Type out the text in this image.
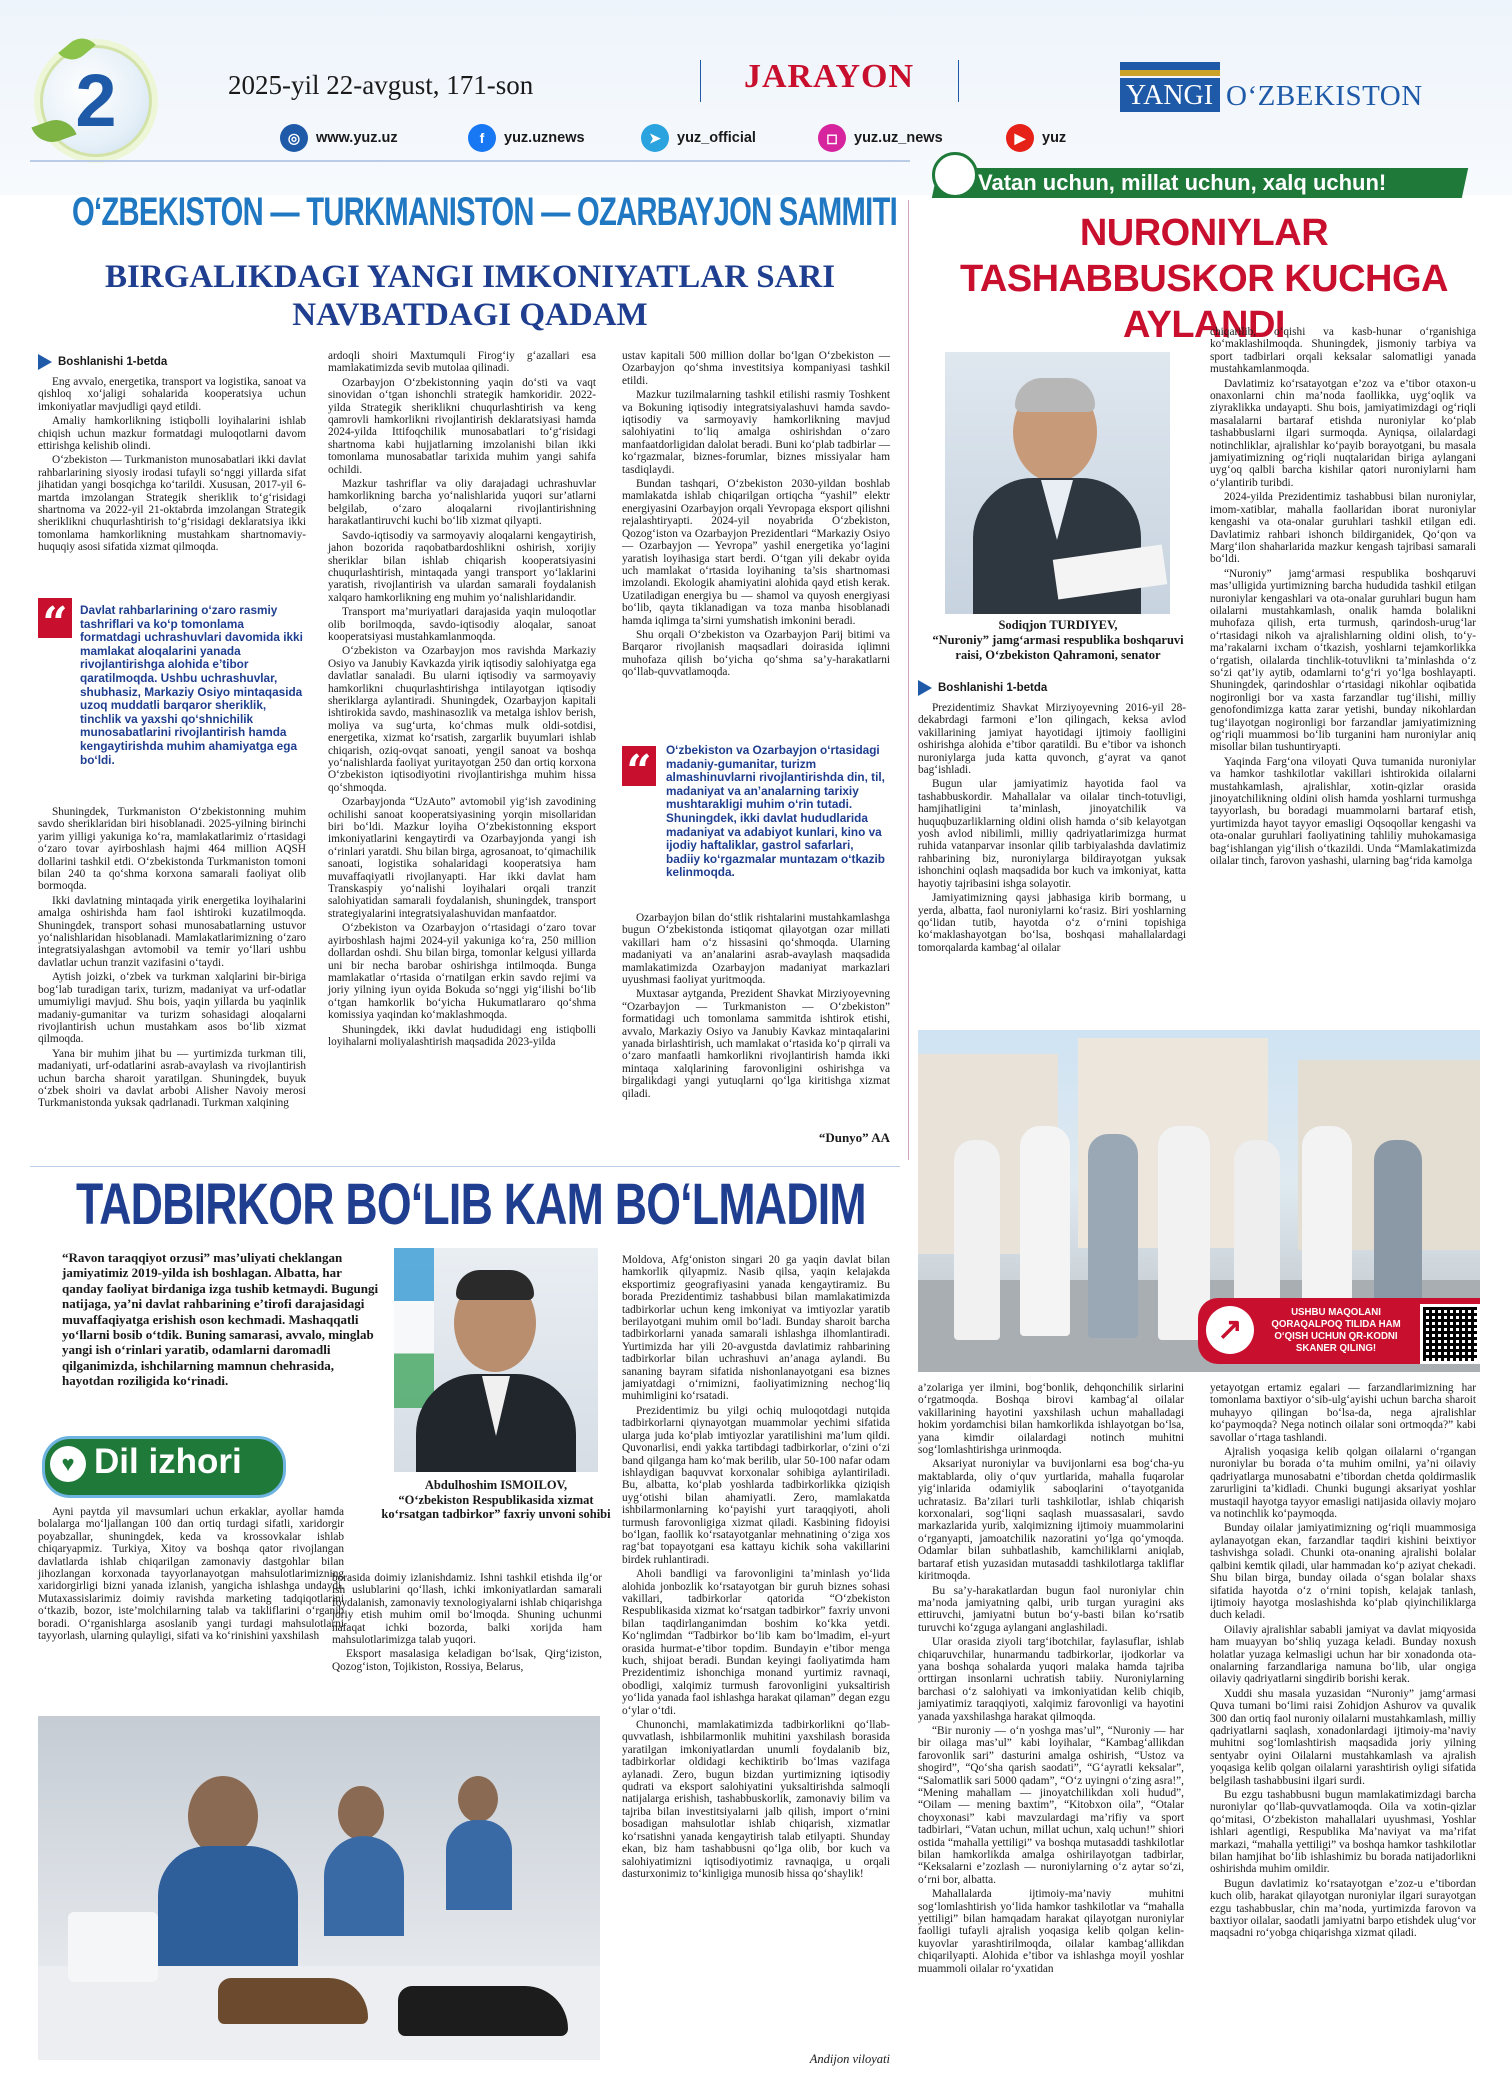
2	2025-yil 22-avgust, 171-son	JARAYON
YANGI O‘ZBEKISTON
◎	www.yuz.uz	f	yuz.uznews	➤	yuz_official	◻	yuz.uz_news	▶	yuz
Vatan uchun, millat uchun, xalq uchun!
O‘ZBEKISTON — TURKMANISTON — OZARBAYJON SAMMITI
BIRGALIKDAGI YANGI IMKONIYATLAR SARI NAVBATDAGI QADAM
Boshlanishi 1-betda

Eng avvalo, energetika, transport va logistika, sanoat va qishloq xo‘jaligi sohalarida kooperatsiya uchun imkoniyatlar mavjudligi qayd etildi.

Amaliy hamkorlikning istiqbolli loyihalarini ishlab chiqish uchun mazkur formatdagi muloqotlarni davom ettirishga kelishib olindi.

O‘zbekiston — Turkmaniston munosabatlari ikki davlat rahbarlarining siyosiy irodasi tufayli so‘nggi yillarda sifat jihatidan yangi bosqichga ko‘tarildi. Xususan, 2017-yil 6-martda imzolangan Strategik sheriklik to‘g‘risidagi shartnoma va 2022-yil 21-oktabrda imzolangan Strategik sheriklikni chuqurlashtirish to‘g‘risidagi deklaratsiya ikki tomonlama hamkorlikning mustahkam shartnomaviy-huquqiy asosi sifatida xizmat qilmoqda.

“	Davlat rahbarlarining o‘zaro rasmiy tashriflari va ko‘p tomonlama formatdagi uchrashuvlari davomida ikki mamlakat aloqalarini yanada rivojlantirishga alohida e’tibor qaratilmoqda. Ushbu uchrashuvlar, shubhasiz, Markaziy Osiyo mintaqasida uzoq muddatli barqaror sheriklik, tinchlik va yaxshi qo‘shnichilik munosabatlarini rivojlantirish hamda kengaytirishda muhim ahamiyatga ega bo‘ldi.

Shuningdek, Turkmaniston O‘zbekistonning muhim savdo sheriklaridan biri hisoblanadi. 2025-yilning birinchi yarim yilligi yakuniga ko‘ra, mamlakatlarimiz o‘rtasidagi o‘zaro tovar ayirboshlash hajmi 464 million AQSH dollarini tashkil etdi. O‘zbekistonda Turkmaniston tomoni bilan 240 ta qo‘shma korxona samarali faoliyat olib bormoqda.

Ikki davlatning mintaqada yirik energetika loyihalarini amalga oshirishda ham faol ishtiroki kuzatilmoqda. Shuningdek, transport sohasi munosabatlarning ustuvor yo‘nalishlaridan hisoblanadi. Mamlakatlarimizning o‘zaro integratsiyalashgan avtomobil va temir yo‘llari ushbu davlatlar uchun tranzit vazifasini o‘taydi.

Aytish joizki, o‘zbek va turkman xalqlarini bir-biriga bog‘lab turadigan tarix, turizm, madaniyat va urf-odatlar umumiyligi mavjud. Shu bois, yaqin yillarda bu yaqinlik madaniy-gumanitar va turizm sohasidagi aloqalarni rivojlantirish uchun mustahkam asos bo‘lib xizmat qilmoqda.

Yana bir muhim jihat bu — yurtimizda turkman tili, madaniyati, urf-odatlarini asrab-avaylash va rivojlantirish uchun barcha sharoit yaratilgan. Shuningdek, buyuk o‘zbek shoiri va davlat arbobi Alisher Navoiy merosi Turkmanistonda yuksak qadrlanadi. Turkman xalqining

ardoqli shoiri Maxtumquli Firog‘iy g‘azallari esa mamlakatimizda sevib mutolaa qilinadi.

Ozarbayjon O‘zbekistonning yaqin do‘sti va vaqt sinovidan o‘tgan ishonchli strategik hamkoridir. 2022-yilda Strategik sheriklikni chuqurlashtirish va keng qamrovli hamkorlikni rivojlantirish deklaratsiyasi hamda 2024-yilda Ittifoqchilik munosabatlari to‘g‘risidagi shartnoma kabi hujjatlarning imzolanishi bilan ikki tomonlama munosabatlar tarixida muhim yangi sahifa ochildi.

Mazkur tashriflar va oliy darajadagi uchrashuvlar hamkorlikning barcha yo‘nalishlarida yuqori sur’atlarni belgilab, o‘zaro aloqalarni rivojlantirishning harakatlantiruvchi kuchi bo‘lib xizmat qilyapti.

Savdo-iqtisodiy va sarmoyaviy aloqalarni kengaytirish, jahon bozorida raqobatbardoshlikni oshirish, xorijiy sheriklar bilan ishlab chiqarish kooperatsiyasini chuqurlashtirish, mintaqada yangi transport yo‘laklarini yaratish, rivojlantirish va ulardan samarali foydalanish xalqaro hamkorlikning eng muhim yo‘nalishlaridandir.

Transport ma’muriyatlari darajasida yaqin muloqotlar olib borilmoqda, savdo-iqtisodiy aloqalar, sanoat kooperatsiyasi mustahkamlanmoqda.

O‘zbekiston va Ozarbayjon mos ravishda Markaziy Osiyo va Janubiy Kavkazda yirik iqtisodiy salohiyatga ega davlatlar sanaladi. Bu ularni iqtisodiy va sarmoyaviy hamkorlikni chuqurlashtirishga intilayotgan iqtisodiy sheriklarga aylantiradi. Shuningdek, Ozarbayjon kapitali ishtirokida savdo, mashinasozlik va metalga ishlov berish, moliya va sug‘urta, ko‘chmas mulk oldi-sotdisi, energetika, xizmat ko‘rsatish, zargarlik buyumlari ishlab chiqarish, oziq-ovqat sanoati, yengil sanoat va boshqa yo‘nalishlarda faoliyat yuritayotgan 250 dan ortiq korxona O‘zbekiston iqtisodiyotini rivojlantirishga muhim hissa qo‘shmoqda.

Ozarbayjonda “UzAuto” avtomobil yig‘ish zavodining ochilishi sanoat kooperatsiyasining yorqin misollaridan biri bo‘ldi. Mazkur loyiha O‘zbekistonning eksport imkoniyatlarini kengaytirdi va Ozarbayjonda yangi ish o‘rinlari yaratdi. Shu bilan birga, agrosanoat, to‘qimachilik sanoati, logistika sohalaridagi kooperatsiya ham muvaffaqiyatli rivojlanyapti. Har ikki davlat ham Transkaspiy yo‘nalishi loyihalari orqali tranzit salohiyatidan samarali foydalanish, shuningdek, transport strategiyalarini integratsiyalashuvidan manfaatdor.

O‘zbekiston va Ozarbayjon o‘rtasidagi o‘zaro tovar ayirboshlash hajmi 2024-yil yakuniga ko‘ra, 250 million dollardan oshdi. Shu bilan birga, tomonlar kelgusi yillarda uni bir necha barobar oshirishga intilmoqda. Bunga mamlakatlar o‘rtasida o‘rnatilgan erkin savdo rejimi va joriy yilning iyun oyida Bokuda so‘nggi yig‘ilishi bo‘lib o‘tgan hamkorlik bo‘yicha Hukumatlararo qo‘shma komissiya yaqindan ko‘maklashmoqda.

Shuningdek, ikki davlat hududidagi eng istiqbolli loyihalarni moliyalashtirish maqsadida 2023-yilda

ustav kapitali 500 million dollar bo‘lgan O‘zbekiston — Ozarbayjon qo‘shma investitsiya kompaniyasi tashkil etildi.

Mazkur tuzilmalarning tashkil etilishi rasmiy Toshkent va Bokuning iqtisodiy integratsiyalashuvi hamda savdo-iqtisodiy va sarmoyaviy hamkorlikning mavjud salohiyatini to‘liq amalga oshirishdan o‘zaro manfaatdorligidan dalolat beradi. Buni ko‘plab tadbirlar — ko‘rgazmalar, biznes-forumlar, biznes missiyalar ham tasdiqlaydi.

Bundan tashqari, O‘zbekiston 2030-yildan boshlab mamlakatda ishlab chiqarilgan ortiqcha “yashil” elektr energiyasini Ozarbayjon orqali Yevropaga eksport qilishni rejalashtiryapti. 2024-yil noyabrida O‘zbekiston, Qozog‘iston va Ozarbayjon Prezidentlari “Markaziy Osiyo — Ozarbayjon — Yevropa” yashil energetika yo‘lagini yaratish loyihasiga start berdi. O‘tgan yili dekabr oyida uch mamlakat o‘rtasida loyihaning ta’sis shartnomasi imzolandi. Ekologik ahamiyatini alohida qayd etish kerak. Uzatiladigan energiya bu — shamol va quyosh energiyasi bo‘lib, qayta tiklanadigan va toza manba hisoblanadi hamda iqlimga ta’sirni yumshatish imkonini beradi.

Shu orqali O‘zbekiston va Ozarbayjon Parij bitimi va Barqaror rivojlanish maqsadlari doirasida iqlimni muhofaza qilish bo‘yicha qo‘shma sa’y-harakatlarni qo‘llab-quvvatlamoqda.

“	O‘zbekiston va Ozarbayjon o‘rtasidagi madaniy-gumanitar, turizm almashinuvlarni rivojlantirishda din, til, madaniyat va an’analarning tarixiy mushtarakligi muhim o‘rin tutadi. Shuningdek, ikki davlat hududlarida madaniyat va adabiyot kunlari, kino va ijodiy haftaliklar, gastrol safarlari, badiiy ko‘rgazmalar muntazam o‘tkazib kelinmoqda.

Ozarbayjon bilan do‘stlik rishtalarini mustahkamlashga bugun O‘zbekistonda istiqomat qilayotgan ozar millati vakillari ham o‘z hissasini qo‘shmoqda. Ularning madaniyati va an’analarini asrab-avaylash maqsadida mamlakatimizda Ozarbayjon madaniyat markazlari uyushmasi faoliyat yuritmoqda.

Muxtasar aytganda, Prezident Shavkat Mirziyoyevning “Ozarbayjon — Turkmaniston — O‘zbekiston” formatidagi uch tomonlama sammitda ishtirok etishi, avvalo, Markaziy Osiyo va Janubiy Kavkaz mintaqalarini yanada birlashtirish, uch mamlakat o‘rtasida ko‘p qirrali va o‘zaro manfaatli hamkorlikni rivojlantirish hamda ikki mintaqa xalqlarining farovonligini oshirishga va birgalikdagi yangi yutuqlarni qo‘lga kiritishga xizmat qiladi.

“Dunyo” AA
NURONIYLAR TASHABBUSKOR KUCHGA AYLANDI
Sodiqjon TURDIYEV,
“Nuroniy” jamg‘armasi respublika boshqaruvi raisi, O‘zbekiston Qahramoni, senator
Boshlanishi 1-betda

Prezidentimiz Shavkat Mirziyoyevning 2016-yil 28-dekabrdagi farmoni e’lon qilingach, keksa avlod vakillarining jamiyat hayotidagi ijtimoiy faolligini oshirishga alohida e’tibor qaratildi. Bu e’tibor va ishonch nuroniylarga juda katta quvonch, g‘ayrat va qanot bag‘ishladi.

Bugun ular jamiyatimiz hayotida faol va tashabbuskordir. Mahallalar va oilalar tinch-totuvligi, hamjihatligini ta’minlash, jinoyatchilik va huquqbuzarliklarning oldini olish hamda o‘sib kelayotgan yosh avlod nibilimli, milliy qadriyatlarimizga hurmat ruhida vatanparvar insonlar qilib tarbiyalashda davlatimiz rahbarining biz, nuroniylarga bildirayotgan yuksak ishonchini oqlash maqsadida bor kuch va imkoniyat, katta hayotiy tajribasini ishga solayotir.

Jamiyatimizning qaysi jabhasiga kirib bormang, u yerda, albatta, faol nuroniylarni ko‘rasiz. Biri yoshlarning qo‘lidan tutib, hayotda o‘z o‘rnini topishiga ko‘maklashayotgan bo‘lsa, boshqasi mahallalardagi tomorqalarda kambag‘al oilalar

chiqarilib, o‘qishi va kasb-hunar o‘rganishiga ko‘maklashilmoqda. Shuningdek, jismoniy tarbiya va sport tadbirlari orqali keksalar salomatligi yanada mustahkamlanmoqda.

Davlatimiz ko‘rsatayotgan e’zoz va e’tibor otaxon-u onaxonlarni chin ma’noda faollikka, uyg‘oqlik va ziyraklikka undayapti. Shu bois, jamiyatimizdagi og‘riqli masalalarni bartaraf etishda nuroniylar ko‘plab tashabbuslarni ilgari surmoqda. Ayniqsa, oilalardagi notinchliklar, ajralishlar ko‘payib borayotgani, bu masala jamiyatimizning og‘riqli nuqtalaridan biriga aylangani uyg‘oq qalbli barcha kishilar qatori nuroniylarni ham o‘ylantirib turibdi.

2024-yilda Prezidentimiz tashabbusi bilan nuroniylar, imom-xatiblar, mahalla faollaridan iborat nuroniylar kengashi va ota-onalar guruhlari tashkil etilgan edi. Davlatimiz rahbari ishonch bildirganidek, Qo‘qon va Marg‘ilon shaharlarida mazkur kengash tajribasi samarali bo‘ldi.

“Nuroniy” jamg‘armasi respublika boshqaruvi mas’ulligida yurtimizning barcha hududida tashkil etilgan nuroniylar kengashlari va ota-onalar guruhlari bugun ham oilalarni mustahkamlash, onalik hamda bolalikni muhofaza qilish, erta turmush, qarindosh-urug‘lar o‘rtasidagi nikoh va ajralishlarning oldini olish, to‘y-ma’rakalarni ixcham o‘tkazish, yoshlarni tejamkorlikka o‘rgatish, oilalarda tinchlik-totuvlikni ta’minlashda o‘z so‘zi qat’iy aytib, odamlarni to‘g‘ri yo‘lga boshlayapti. Shuningdek, qarindoshlar o‘rtasidagi nikohlar oqibatida nogironligi bor va xasta farzandlar tug‘ilishi, milliy genofondimizga katta zarar yetishi, bunday nikohlardan tug‘ilayotgan nogironligi bor farzandlar jamiyatimizning og‘riqli muammosi bo‘lib turganini ham nuroniylar aniq misollar bilan tushuntiryapti.

Yaqinda Farg‘ona viloyati Quva tumanida nuroniylar va hamkor tashkilotlar vakillari ishtirokida oilalarni mustahkamlash, ajralishlar, xotin-qizlar orasida jinoyatchilikning oldini olish hamda yoshlarni turmushga tayyorlash, bu boradagi muammolarni bartaraf etish, yurtimizda hayot tayyor emasligi Oqsoqollar kengashi va ota-onalar guruhlari faoliyatining tahliliy muhokamasiga bag‘ishlangan yig‘ilish o‘tkazildi. Unda “Mamlakatimizda oilalar tinch, farovon yashashi, ularning bag‘rida kamolga

↗
USHBU MAQOLANI QORAQALPOQ TILIDA HAM O‘QISH UCHUN QR-KODNI SKANER QILING!

a’zolariga yer ilmini, bog‘bonlik, dehqonchilik sirlarini o‘rgatmoqda. Boshqa birovi kambag‘al oilalar vakillarining hayotini yaxshilash uchun mahalladagi hokim yordamchisi bilan hamkorlikda ishlayotgan bo‘lsa, yana kimdir oilalardagi notinch muhitni sog‘lomlashtirishga urinmoqda.

Aksariyat nuroniylar va buvijonlarni esa bog‘cha-yu maktablarda, oliy o‘quv yurtlarida, mahalla fuqarolar yig‘inlarida odamiylik saboqlarini o‘tayotganida uchratasiz. Ba’zilari turli tashkilotlar, ishlab chiqarish korxonalari, sog‘liqni saqlash muassasalari, savdo markazlarida yurib, xalqimizning ijtimoiy muammolarini o‘rganyapti, jamoatchilik nazoratini yo‘lga qo‘ymoqda. Odamlar bilan suhbatlashib, kamchiliklarni aniqlab, bartaraf etish yuzasidan mutasaddi tashkilotlarga takliflar kiritmoqda.

Bu sa’y-harakatlardan bugun faol nuroniylar chin ma’noda jamiyatning qalbi, urib turgan yuragini aks ettiruvchi, jamiyatni butun bo‘y-basti bilan ko‘rsatib turuvchi ko‘zguga aylangani anglashiladi.

Ular orasida ziyoli targ‘ibotchilar, faylasuflar, ishlab chiqaruvchilar, hunarmandu tadbirkorlar, ijodkorlar va yana boshqa sohalarda yuqori malaka hamda tajriba orttirgan insonlarni uchratish tabiiy. Nuroniylarning barchasi o‘z salohiyati va imkoniyatidan kelib chiqib, jamiyatimiz taraqqiyoti, xalqimiz farovonligi va hayotini yanada yaxshilashga harakat qilmoqda.

“Bir nuroniy — o‘n yoshga mas’ul”, “Nuroniy — har bir oilaga mas’ul” kabi loyihalar, “Kambag‘allikdan farovonlik sari” dasturini amalga oshirish, “Ustoz va shogird”, “Qo‘sha qarish saodati”, “G‘ayratli keksalar”, “Salomatlik sari 5000 qadam”, “O‘z uyingni o‘zing asra!”, “Mening mahallam — jinoyatchilikdan xoli hudud”, “Oilam — mening baxtim”, “Kitobxon oila”, “Otalar choyxonasi” kabi mavzulardagi ma’rifiy va sport tadbirlari, “Vatan uchun, millat uchun, xalq uchun!” shiori ostida “mahalla yettiligi” va boshqa mutasaddi tashkilotlar bilan hamkorlikda amalga oshirilayotgan tadbirlar, “Keksalarni e’zozlash — nuroniylarning o‘z aytar so‘zi, o‘rni bor, albatta.

Mahallalarda ijtimoiy-ma’naviy muhitni sog‘lomlashtirish yo‘lida hamkor tashkilotlar va “mahalla yettiligi” bilan hamqadam harakat qilayotgan nuroniylar faolligi tufayli ajralish yoqasiga kelib qolgan kelin-kuyovlar yarashtirilmoqda, oilalar kambag‘allikdan chiqarilyapti. Alohida e’tibor va ishlashga moyil yoshlar muammoli oilalar ro‘yxatidan

yetayotgan ertamiz egalari — farzandlarimizning har tomonlama baxtiyor o‘sib-ulg‘ayishi uchun barcha sharoit muhayyo qilingan bo‘lsa-da, nega ajralishlar ko‘paymoqda? Nega notinch oilalar soni ortmoqda?” kabi savollar o‘rtaga tashlandi.

Ajralish yoqasiga kelib qolgan oilalarni o‘rgangan nuroniylar bu borada o‘ta muhim omilni, ya’ni oilaviy qadriyatlarga munosabatni e’tibordan chetda qoldirmaslik zarurligini ta’kidladi. Chunki bugungi aksariyat yoshlar mustaqil hayotga tayyor emasligi natijasida oilaviy mojaro va notinchlik ko‘paymoqda.

Bunday oilalar jamiyatimizning og‘riqli muammosiga aylanayotgan ekan, farzandlar taqdiri kishini beixtiyor tashvishga soladi. Chunki ota-onaning ajralishi bolalar qalbini kemtik qiladi, ular hammadan ko‘p aziyat chekadi. Shu bilan birga, bunday oilada o‘sgan bolalar shaxs sifatida hayotda o‘z o‘rnini topish, kelajak tanlash, ijtimoiy hayotga moslashishda ko‘plab qiyinchiliklarga duch keladi.

Oilaviy ajralishlar sababli jamiyat va davlat miqyosida ham muayyan bo‘shliq yuzaga keladi. Bunday noxush holatlar yuzaga kelmasligi uchun har bir xonadonda ota-onalarning farzandlariga namuna bo‘lib, ular ongiga oilaviy qadriyatlarni singdirib borishi kerak.

Xuddi shu masala yuzasidan “Nuroniy” jamg‘armasi Quva tumani bo‘limi raisi Zohidjon Ashurov va quvalik 300 dan ortiq faol nuroniy oilalarni mustahkamlash, milliy qadriyatlarni saqlash, xonadonlardagi ijtimoiy-ma’naviy muhitni sog‘lomlashtirish maqsadida joriy yilning sentyabr oyini Oilalarni mustahkamlash va ajralish yoqasiga kelib qolgan oilalarni yarashtirish oyligi sifatida belgilash tashabbusini ilgari surdi.

Bu ezgu tashabbusni bugun mamlakatimizdagi barcha nuroniylar qo‘llab-quvvatlamoqda. Oila va xotin-qizlar qo‘mitasi, O‘zbekiston mahallalari uyushmasi, Yoshlar ishlari agentligi, Respublika Ma’naviyat va ma’rifat markazi, “mahalla yettiligi” va boshqa hamkor tashkilotlar bilan hamjihat bo‘lib ishlashimiz bu borada natijadorlikni oshirishda muhim omildir.

Bugun davlatimiz ko‘rsatayotgan e’zoz-u e’tibordan kuch olib, harakat qilayotgan nuroniylar ilgari surayotgan ezgu tashabbuslar, chin ma’noda, yurtimizda farovon va baxtiyor oilalar, saodatli jamiyatni barpo etishdek ulug‘vor maqsadni ro‘yobga chiqarishga xizmat qiladi.

TADBIRKOR BO‘LIB KAM BO‘LMADIM
“Ravon taraqqiyot orzusi” mas’uliyati cheklangan jamiyatimiz 2019-yilda ish boshlagan. Albatta, har qanday faoliyat birdaniga izga tushib ketmaydi. Bugungi natijaga, ya’ni davlat rahbarining e’tirofi darajasidagi muvaffaqiyatga erishish oson kechmadi. Mashaqqatli yo‘llarni bosib o‘tdik. Buning samarasi, avvalo, minglab yangi ish o‘rinlari yaratib, odamlarni daromadli qilganimizda, ishchilarning mamnun chehrasida, hayotdan roziligida ko‘rinadi.
♥ Dil izhori
Abdulhoshim ISMOILOV,
“O‘zbekiston Respublikasida xizmat ko‘rsatgan tadbirkor” faxriy unvoni sohibi

Ayni paytda yil mavsumlari uchun erkaklar, ayollar hamda bolalarga mo‘ljallangan 100 dan ortiq turdagi sifatli, xaridorgir poyabzallar, shuningdek, keda va krossovkalar ishlab chiqaryapmiz. Turkiya, Xitoy va boshqa qator rivojlangan davlatlarda ishlab chiqarilgan zamonaviy dastgohlar bilan jihozlangan korxonada tayyorlanayotgan mahsulotlarimizning xaridorgirligi bizni yanada izlanish, yangicha ishlashga undaydi. Mutaxassislarimiz doimiy ravishda marketing tadqiqotlarini o‘tkazib, bozor, iste’molchilarning talab va takliflarini o‘rganib boradi. O‘rganishlarga asoslanib yangi turdagi mahsulotlarni tayyorlash, ularning qulayligi, sifati va ko‘rinishini yaxshilash

borasida doimiy izlanishdamiz. Ishni tashkil etishda ilg‘or ish uslublarini qo‘llash, ichki imkoniyatlardan samarali foydalanish, zamonaviy texnologiyalarni ishlab chiqarishga joriy etish muhim omil bo‘lmoqda. Shuning uchunmi nafaqat ichki bozorda, balki xorijda ham mahsulotlarimizga talab yuqori.

Eksport masalasiga keladigan bo‘lsak, Qirg‘iziston, Qozog‘iston, Tojikiston, Rossiya, Belarus,

Moldova, Afg‘oniston singari 20 ga yaqin davlat bilan hamkorlik qilyapmiz. Nasib qilsa, yaqin kelajakda eksportimiz geografiyasini yanada kengaytiramiz. Bu borada Prezidentimiz tashabbusi bilan mamlakatimizda tadbirkorlar uchun keng imkoniyat va imtiyozlar yaratib berilayotgani muhim omil bo‘ladi. Bunday sharoit barcha tadbirkorlarni yanada samarali ishlashga ilhomlantiradi. Yurtimizda har yili 20-avgustda davlatimiz rahbarining tadbirkorlar bilan uchrashuvi an’anaga aylandi. Bu sananing bayram sifatida nishonlanayotgani esa biznes jamiyatdagi o‘rnimizni, faoliyatimizning nechog‘liq muhimligini ko‘rsatadi.

Prezidentimiz bu yilgi ochiq muloqotdagi nutqida tadbirkorlarni qiynayotgan muammolar yechimi sifatida ularga juda ko‘plab imtiyozlar yaratilishini ma’lum qildi. Quvonarlisi, endi yakka tartibdagi tadbirkorlar, o‘zini o‘zi band qilganga ham ko‘mak berilib, ular 50-100 nafar odam ishlaydigan baquvvat korxonalar sohibiga aylantiriladi. Bu, albatta, ko‘plab yoshlarda tadbirkorlikka qiziqish uyg‘otishi bilan ahamiyatli. Zero, mamlakatda ishbilarmonlarning ko‘payishi yurt taraqqiyoti, aholi turmush farovonligiga xizmat qiladi. Kasbining fidoyisi bo‘lgan, faollik ko‘rsatayotganlar mehnatining o‘ziga xos rag‘bat topayotgani esa kattayu kichik soha vakillarini birdek ruhlantiradi.

Aholi bandligi va farovonligini ta’minlash yo‘lida alohida jonbozlik ko‘rsatayotgan bir guruh biznes sohasi vakillari, tadbirkorlar qatorida “O‘zbekiston Respublikasida xizmat ko‘rsatgan tadbirkor” faxriy unvoni bilan taqdirlanganimdan boshim ko‘kka yetdi. Ko‘nglimdan “Tadbirkor bo‘lib kam bo‘lmadim, el-yurt orasida hurmat-e’tibor topdim. Bundayin e’tibor menga kuch, shijoat beradi. Bundan keyingi faoliyatimda ham Prezidentimiz ishonchiga monand yurtimiz ravnaqi, obodligi, xalqimiz turmush farovonligini yuksaltirish yo‘lida yanada faol ishlashga harakat qilaman” degan ezgu o‘ylar o‘tdi.

Chunonchi, mamlakatimizda tadbirkorlikni qo‘llab-quvvatlash, ishbilarmonlik muhitini yaxshilash borasida yaratilgan imkoniyatlardan unumli foydalanib biz, tadbirkorlar oldidagi kechiktirib bo‘lmas vazifaga aylanadi. Zero, bugun bizdan yurtimizning iqtisodiy qudrati va eksport salohiyatini yuksaltirishda salmoqli natijalarga erishish, tashabbuskorlik, zamonaviy bilim va tajriba bilan investitsiyalarni jalb qilish, import o‘rnini bosadigan mahsulotlar ishlab chiqarish, xizmatlar ko‘rsatishni yanada kengaytirish talab etilyapti. Shunday ekan, biz ham tashabbusni qo‘lga olib, bor kuch va salohiyatimizni iqtisodiyotimiz ravnaqiga, u orqali dasturxonimiz to‘kinligiga munosib hissa qo‘shaylik!

Andijon viloyati
